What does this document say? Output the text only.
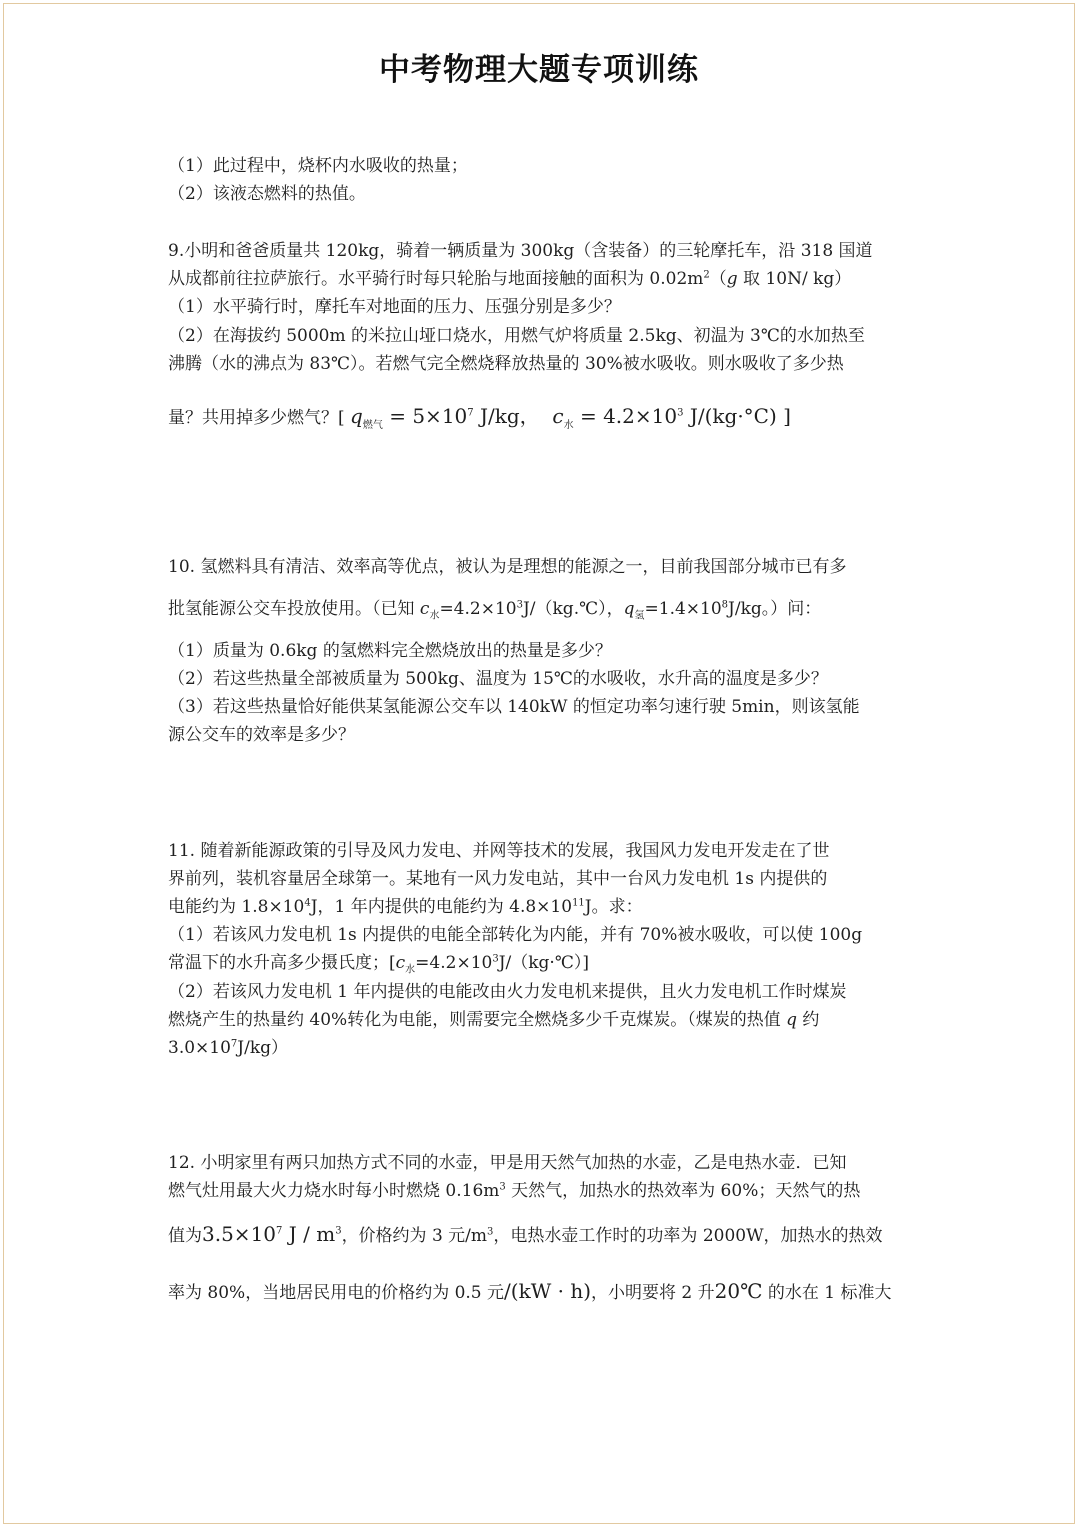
中考物理大题专项训练
（1）此过程中，烧杯内水吸收的热量；
（2）该液态燃料的热值。
9.小明和爸爸质量共 120kg，骑着一辆质量为 300kg（含装备）的三轮摩托车，沿 318 国道
从成都前往拉萨旅行。水平骑行时每只轮胎与地面接触的面积为 $0.02m^2(g$ 取 10N/ kg）
（1）水平骑行时，摩托车对地面的压力、压强分别是多少？
（2）在海拔约 5000m 的米拉山垭口烧水，用燃气炉将质量 2.5kg、初温为 3℃的水加热至
沸腾（水的沸点为 83℃）。若燃气完全燃烧释放热量的 30%被水吸收。则水吸收了多少热
量？共用掉多少燃气？[ $q_{燃气} = 5\times 10^7$ J/kg， $c_水 = 4.2\times 10^3$ J/(kg·°C) ]
10. 氢燃料具有清洁、效率高等优点，被认为是理想的能源之一，目前我国部分城市已有多
批氢能源公交车投放使用。（已知 $c_水=4.2\times 10^3J/(kg.℃)$，$q_氢=1.4\times 10^8J/kg$。）问：
（1）质量为 0.6kg 的氢燃料完全燃烧放出的热量是多少？
（2）若这些热量全部被质量为 500kg、温度为 15℃的水吸收，水升高的温度是多少？
（3）若这些热量恰好能供某氢能源公交车以 140kW 的恒定功率匀速行驶 5min，则该氢能
源公交车的效率是多少？
11. 随着新能源政策的引导及风力发电、并网等技术的发展，我国风力发电开发走在了世
界前列，装机容量居全球第一。某地有一风力发电站，其中一台风力发电机 1s 内提供的
电能约为 $1.8\times 10^4J$，1 年内提供的电能约为 $4.8\times 10^{11}J$。求：
（1）若该风力发电机 1s 内提供的电能全部转化为内能，并有 70%被水吸收，可以使 100g
常温下的水升高多少摄氏度；$[c_水=4.2\times 10^3J/(kg\cdot℃)]$
（2）若该风力发电机 1 年内提供的电能改由火力发电机来提供，且火力发电机工作时煤炭
燃烧产生的热量约 40%转化为电能，则需要完全燃烧多少千克煤炭。（煤炭的热值 q 约
$3.0\times 10^7J/kg$）
12. 小明家里有两只加热方式不同的水壶，甲是用天然气加热的水壶，乙是电热水壶．已知
燃气灶用最大火力烧水时每小时燃烧 $0.16m^3$ 天然气，加热水的热效率为 60%；天然气的热
值为$3.5\times 10^7$ J / $m^3$，价格约为 3 元$/m^3$，电热水壶工作时的功率为 2000W，加热水的热效
率为 80%，当地居民用电的价格约为 0.5 元/(kW · h)，小明要将 2 升20℃ 的水在 1 标准大
